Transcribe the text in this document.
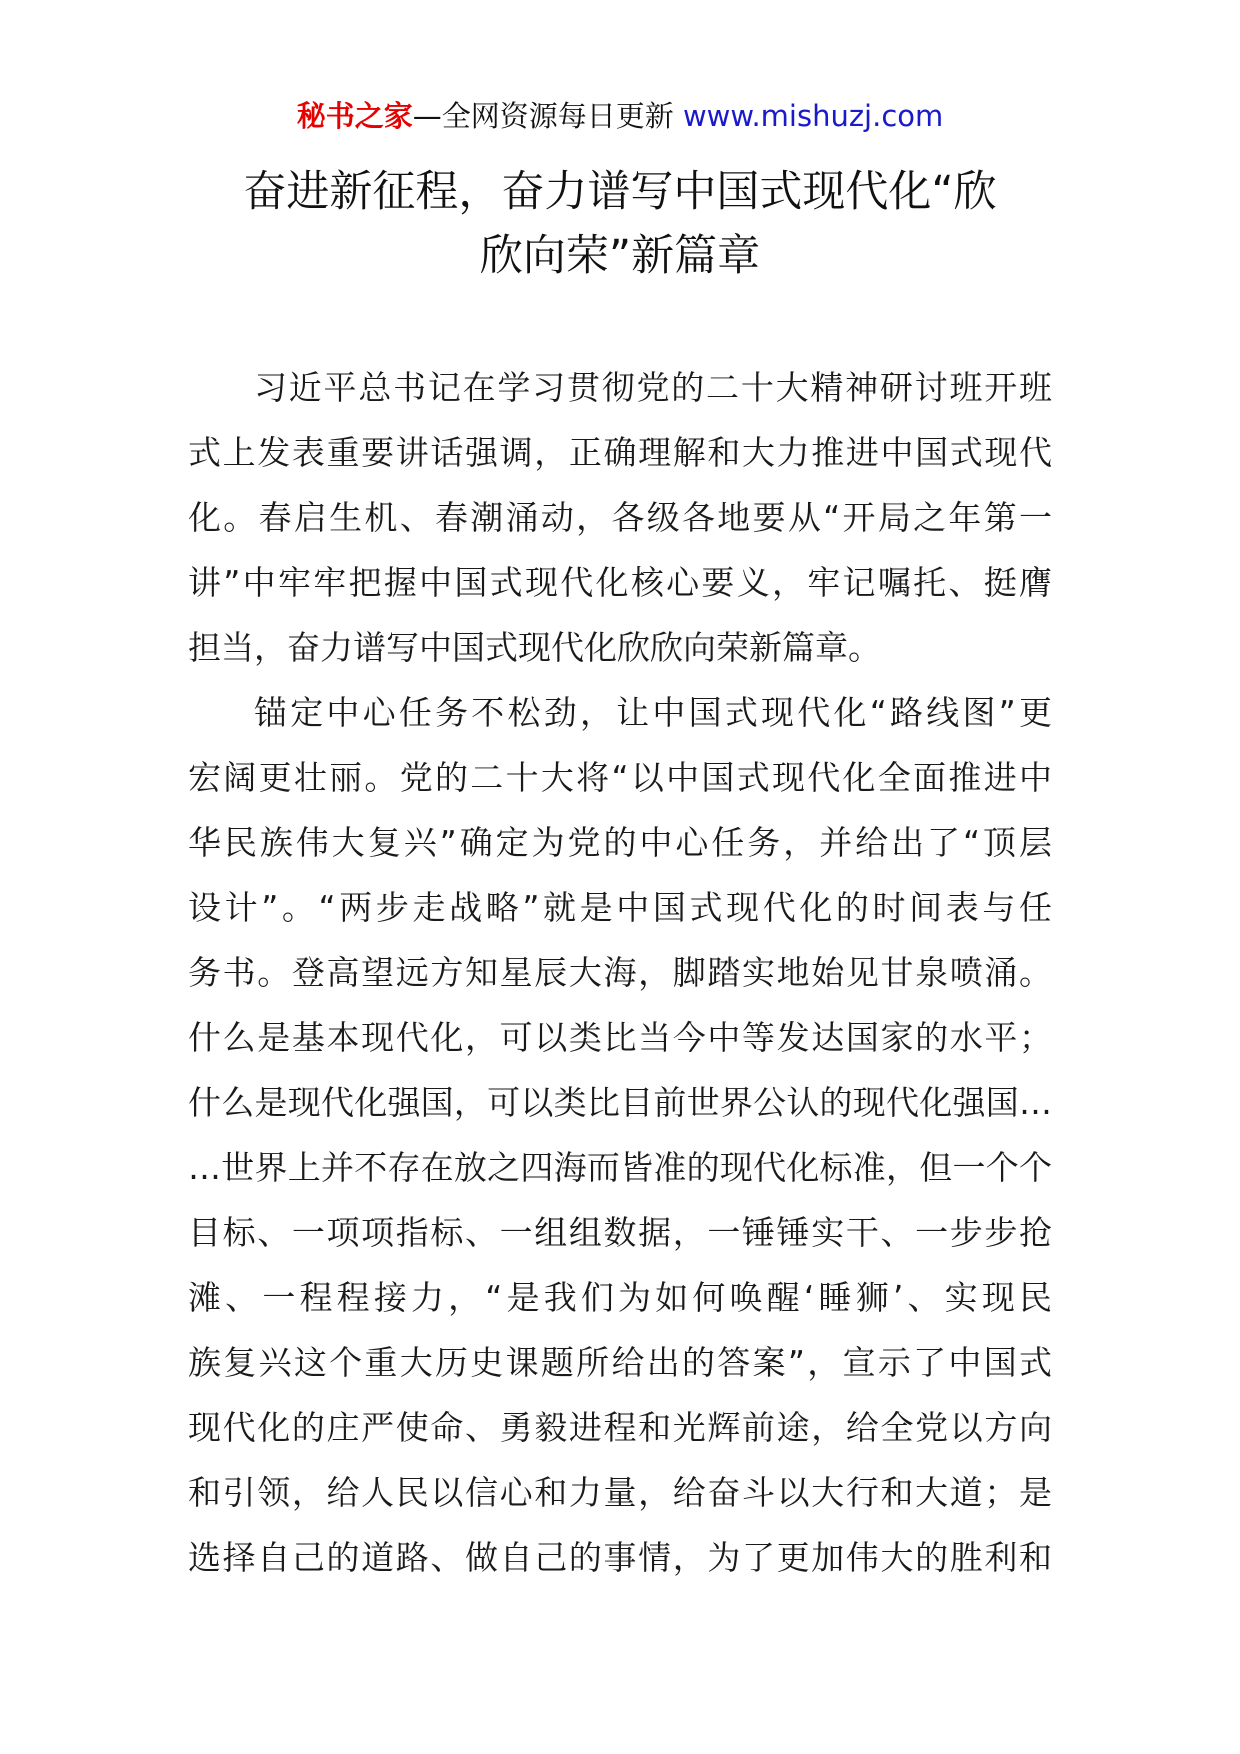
秘书之家—全网资源每日更新 www.mishuzj.com
奋进新征程，奋力谱写中国式现代化“欣
欣向荣”新篇章
习近平总书记在学习贯彻党的二十大精神研讨班开班
式上发表重要讲话强调，正确理解和大力推进中国式现代
化。春启生机、春潮涌动，各级各地要从“开局之年第一
讲”中牢牢把握中国式现代化核心要义，牢记嘱托、挺膺
担当，奋力谱写中国式现代化欣欣向荣新篇章。
锚定中心任务不松劲，让中国式现代化“路线图”更
宏阔更壮丽。党的二十大将“以中国式现代化全面推进中
华民族伟大复兴”确定为党的中心任务，并给出了“顶层
设计”。“两步走战略”就是中国式现代化的时间表与任
务书。登高望远方知星辰大海，脚踏实地始见甘泉喷涌。
什么是基本现代化，可以类比当今中等发达国家的水平；
什么是现代化强国，可以类比目前世界公认的现代化强国…
…世界上并不存在放之四海而皆准的现代化标准，但一个个
目标、一项项指标、一组组数据，一锤锤实干、一步步抢
滩、一程程接力，“是我们为如何唤醒‘睡狮’、实现民
族复兴这个重大历史课题所给出的答案”，宣示了中国式
现代化的庄严使命、勇毅进程和光辉前途，给全党以方向
和引领，给人民以信心和力量，给奋斗以大行和大道；是
选择自己的道路、做自己的事情，为了更加伟大的胜利和
